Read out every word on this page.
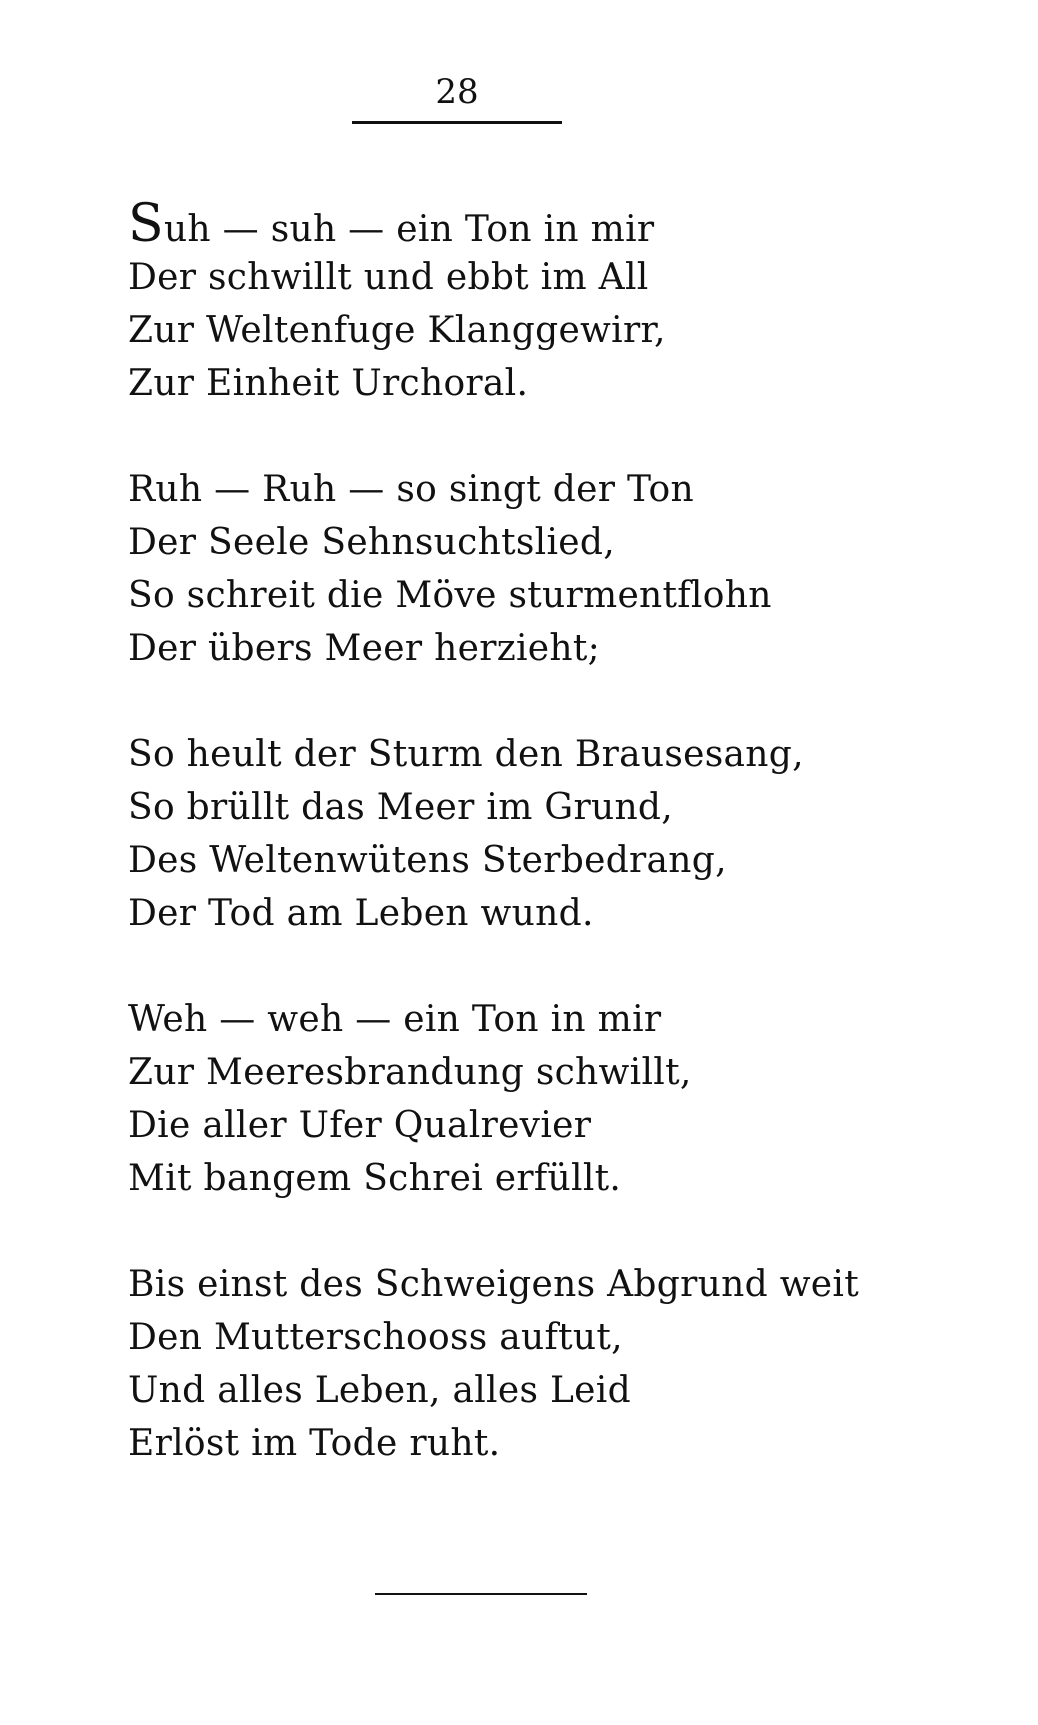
28
Suh — suh — ein Ton in mir
Der schwillt und ebbt im All
Zur Weltenfuge Klanggewirr,
Zur Einheit Urchoral.
Ruh — Ruh — so singt der Ton
Der Seele Sehnsuchtslied,
So schreit die Möve sturmentflohn
Der übers Meer herzieht;
So heult der Sturm den Brausesang,
So brüllt das Meer im Grund,
Des Weltenwütens Sterbedrang,
Der Tod am Leben wund.
Weh — weh — ein Ton in mir
Zur Meeresbrandung schwillt,
Die aller Ufer Qualrevier
Mit bangem Schrei erfüllt.
Bis einst des Schweigens Abgrund weit
Den Mutterschooss auftut,
Und alles Leben, alles Leid
Erlöst im Tode ruht.
